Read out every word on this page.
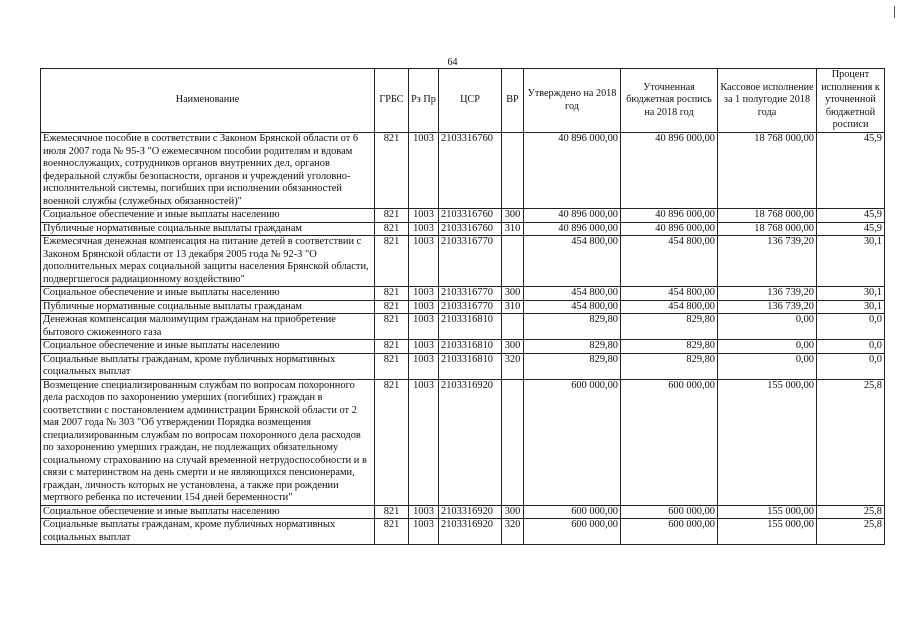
64
Наименование	ГРБС	Рз Пр	ЦСР	ВР	Утверждено на 2018 год	Уточненная бюджетная роспись на 2018 год	Кассовое исполнение за 1 полугодие 2018 года	Процент исполнения к уточненной бюджетной росписи
Ежемесячное пособие в соответствии с Законом Брянской области от 6 июля 2007 года № 95-З "О ежемесячном пособии родителям и вдовам военнослужащих, сотрудников органов внутренних дел, органов федеральной службы безопасности, органов и учреждений уголовно-исполнительной системы, погибших при исполнении обязанностей военной службы (служебных обязанностей)"	821	1003	2103316760		40 896 000,00	40 896 000,00	18 768 000,00	45,9
Социальное обеспечение и иные выплаты населению	821	1003	2103316760	300	40 896 000,00	40 896 000,00	18 768 000,00	45,9
Публичные нормативные социальные выплаты гражданам	821	1003	2103316760	310	40 896 000,00	40 896 000,00	18 768 000,00	45,9
Ежемесячная денежная компенсация на питание детей в соответствии с Законом Брянской области от 13 декабря 2005 года № 92-З "О дополнительных мерах социальной защиты населения Брянской области, подвергшегося радиационному воздействию"	821	1003	2103316770		454 800,00	454 800,00	136 739,20	30,1
Социальное обеспечение и иные выплаты населению	821	1003	2103316770	300	454 800,00	454 800,00	136 739,20	30,1
Публичные нормативные социальные выплаты гражданам	821	1003	2103316770	310	454 800,00	454 800,00	136 739,20	30,1
Денежная компенсация малоимущим гражданам на приобретение бытового сжиженного газа	821	1003	2103316810		829,80	829,80	0,00	0,0
Социальное обеспечение и иные выплаты населению	821	1003	2103316810	300	829,80	829,80	0,00	0,0
Социальные выплаты гражданам, кроме публичных нормативных социальных выплат	821	1003	2103316810	320	829,80	829,80	0,00	0,0
Возмещение специализированным службам по вопросам похоронного дела расходов по захоронению умерших (погибших) граждан в соответствии с постановлением администрации Брянской области от 2 мая 2007 года № 303 "Об утверждении Порядка возмещения специализированным службам по вопросам похоронного дела расходов по захоронению умерших граждан, не подлежащих обязательному социальному страхованию на случай временной нетрудоспособности и в связи с материнством на день смерти и не являющихся пенсионерами, граждан, личность которых не установлена, а также при рождении мертвого ребенка по истечении 154 дней беременности"	821	1003	2103316920		600 000,00	600 000,00	155 000,00	25,8
Социальное обеспечение и иные выплаты населению	821	1003	2103316920	300	600 000,00	600 000,00	155 000,00	25,8
Социальные выплаты гражданам, кроме публичных нормативных социальных выплат	821	1003	2103316920	320	600 000,00	600 000,00	155 000,00	25,8
